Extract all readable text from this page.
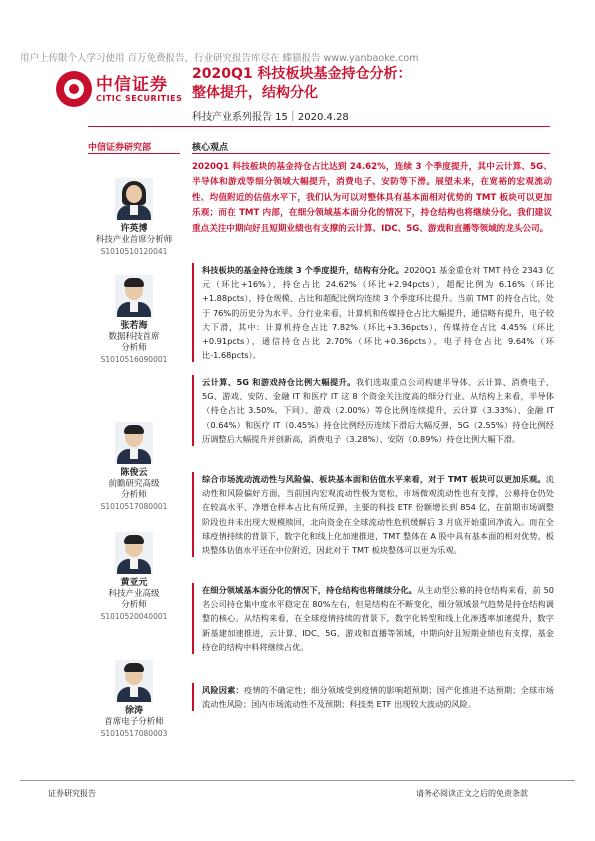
用户上传限个人学习使用 百万免费报告，行业研究报告库尽在 蝶猫报告 www.yanbaoke.com
中信证券
CITIC SECURITIES
2020Q1 科技板块基金持仓分析：
整体提升，结构分化
科技产业系列报告 15｜2020.4.28
中信证券研究部	核心观点
许英博
科技产业首席分析师
S1010510120041
张若海
数据科技首席
分析师
S1010516090001
陈俊云
前瞻研究高级
分析师
S1010517080001
黄亚元
科技产业高级
分析师
S1010520040001
徐涛
首席电子分析师
S1010517080003
2020Q1 科技板块的基金持仓占比达到 24.62%，连续 3 个季度提升，其中云计算、5G、半导体和游戏等细分领域大幅提升，消费电子、安防等下滑。展望未来，在宽裕的宏观流动性、均值附近的估值水平下，我们认为可以对整体具有基本面相对优势的 TMT 板块可以更加乐观；而在 TMT 内部，在细分领域基本面分化的情况下，持仓结构也将继续分化。我们建议重点关注中期向好且短期业绩也有支撑的云计算、IDC、5G、游戏和直播等领域的龙头公司。
科技板块的基金持仓连续 3 个季度提升，结构有分化。2020Q1 基金重仓对 TMT 持仓 2343 亿元（环比+16%），持仓占比 24.62%（环比+2.94pcts），超配比例为 6.16%（环比+1.88pcts），持仓规模、占比和超配比例均连续 3 个季度环比提升。当前 TMT 的持仓占比，处于 76%的历史分为水平。分行业来看，计算机和传媒持仓占比大幅提升，通信略有提升，电子较大下滑，其中：计算机持仓占比 7.82%（环比+3.36pcts），传媒持仓占比 4.45%（环比+0.91pcts），通信持仓占比 2.70%（环比+0.36pcts），电子持仓占比 9.64%（环比-1.68pcts）。
云计算、5G 和游戏持仓比例大幅提升。我们选取重点公司构建半导体、云计算、消费电子、5G、游戏、安防、金融 IT 和医疗 IT 这 8 个资金关注度高的细分行业。从结构上来看，半导体（持仓占比 3.50%，下同）、游戏（2.00%）等仓比例连续提升，云计算（3.33%）、金融 IT（0.64%）和医疗 IT（0.45%）持仓比例经历连续下滑后大幅反弹，5G（2.55%）持仓比例经历调整后大幅提升并创新高，消费电子（3.28%）、安防（0.89%）持仓比例大幅下滑。
综合市场流动流动性与风险偏、板块基本面和估值水平来看，对于 TMT 板块可以更加乐观。流动性和风险偏好方面，当前国内宏观流动性极为宽松，市场微观流动性也有支撑，公募持仓仍处在较高水平、净增仓样本占比有所反弹，主要的科技 ETF 份额增长到 854 亿，在前期市场调整阶段也并未出现大规模赎回，北向资金在全球流动性危机缓解后 3 月底开始重回净流入。而在全球疫情持续的背景下，数字化和线上化加速推进，TMT 整体在 A 股中具有基本面的相对优势，板块整体估值水平还在中位附近，因此对于 TMT 板块整体可以更为乐观。
在细分领域基本面分化的情况下，持仓结构也将继续分化。从主动型公募的持仓结构来看，前 50 名公司持仓集中度水平稳定在 80%左右，但是结构在不断变化，细分领域景气趋势是持仓结构调整的核心。从结构来看，在全球疫情持续的背景下，数字化转型和线上化渗透率加速提升，数字新基建加速推进，云计算、IDC、5G、游戏和直播等领域，中期向好且短期业绩也有支撑，基金持仓的结构中料将继续占优。
风险因素：疫情的不确定性；细分领域受到疫情的影响超预期；国产化推进不达预期；全球市场流动性风险；国内市场流动性不及预期；科技类 ETF 出现较大波动的风险。
证券研究报告	请务必阅读正文之后的免责条款
